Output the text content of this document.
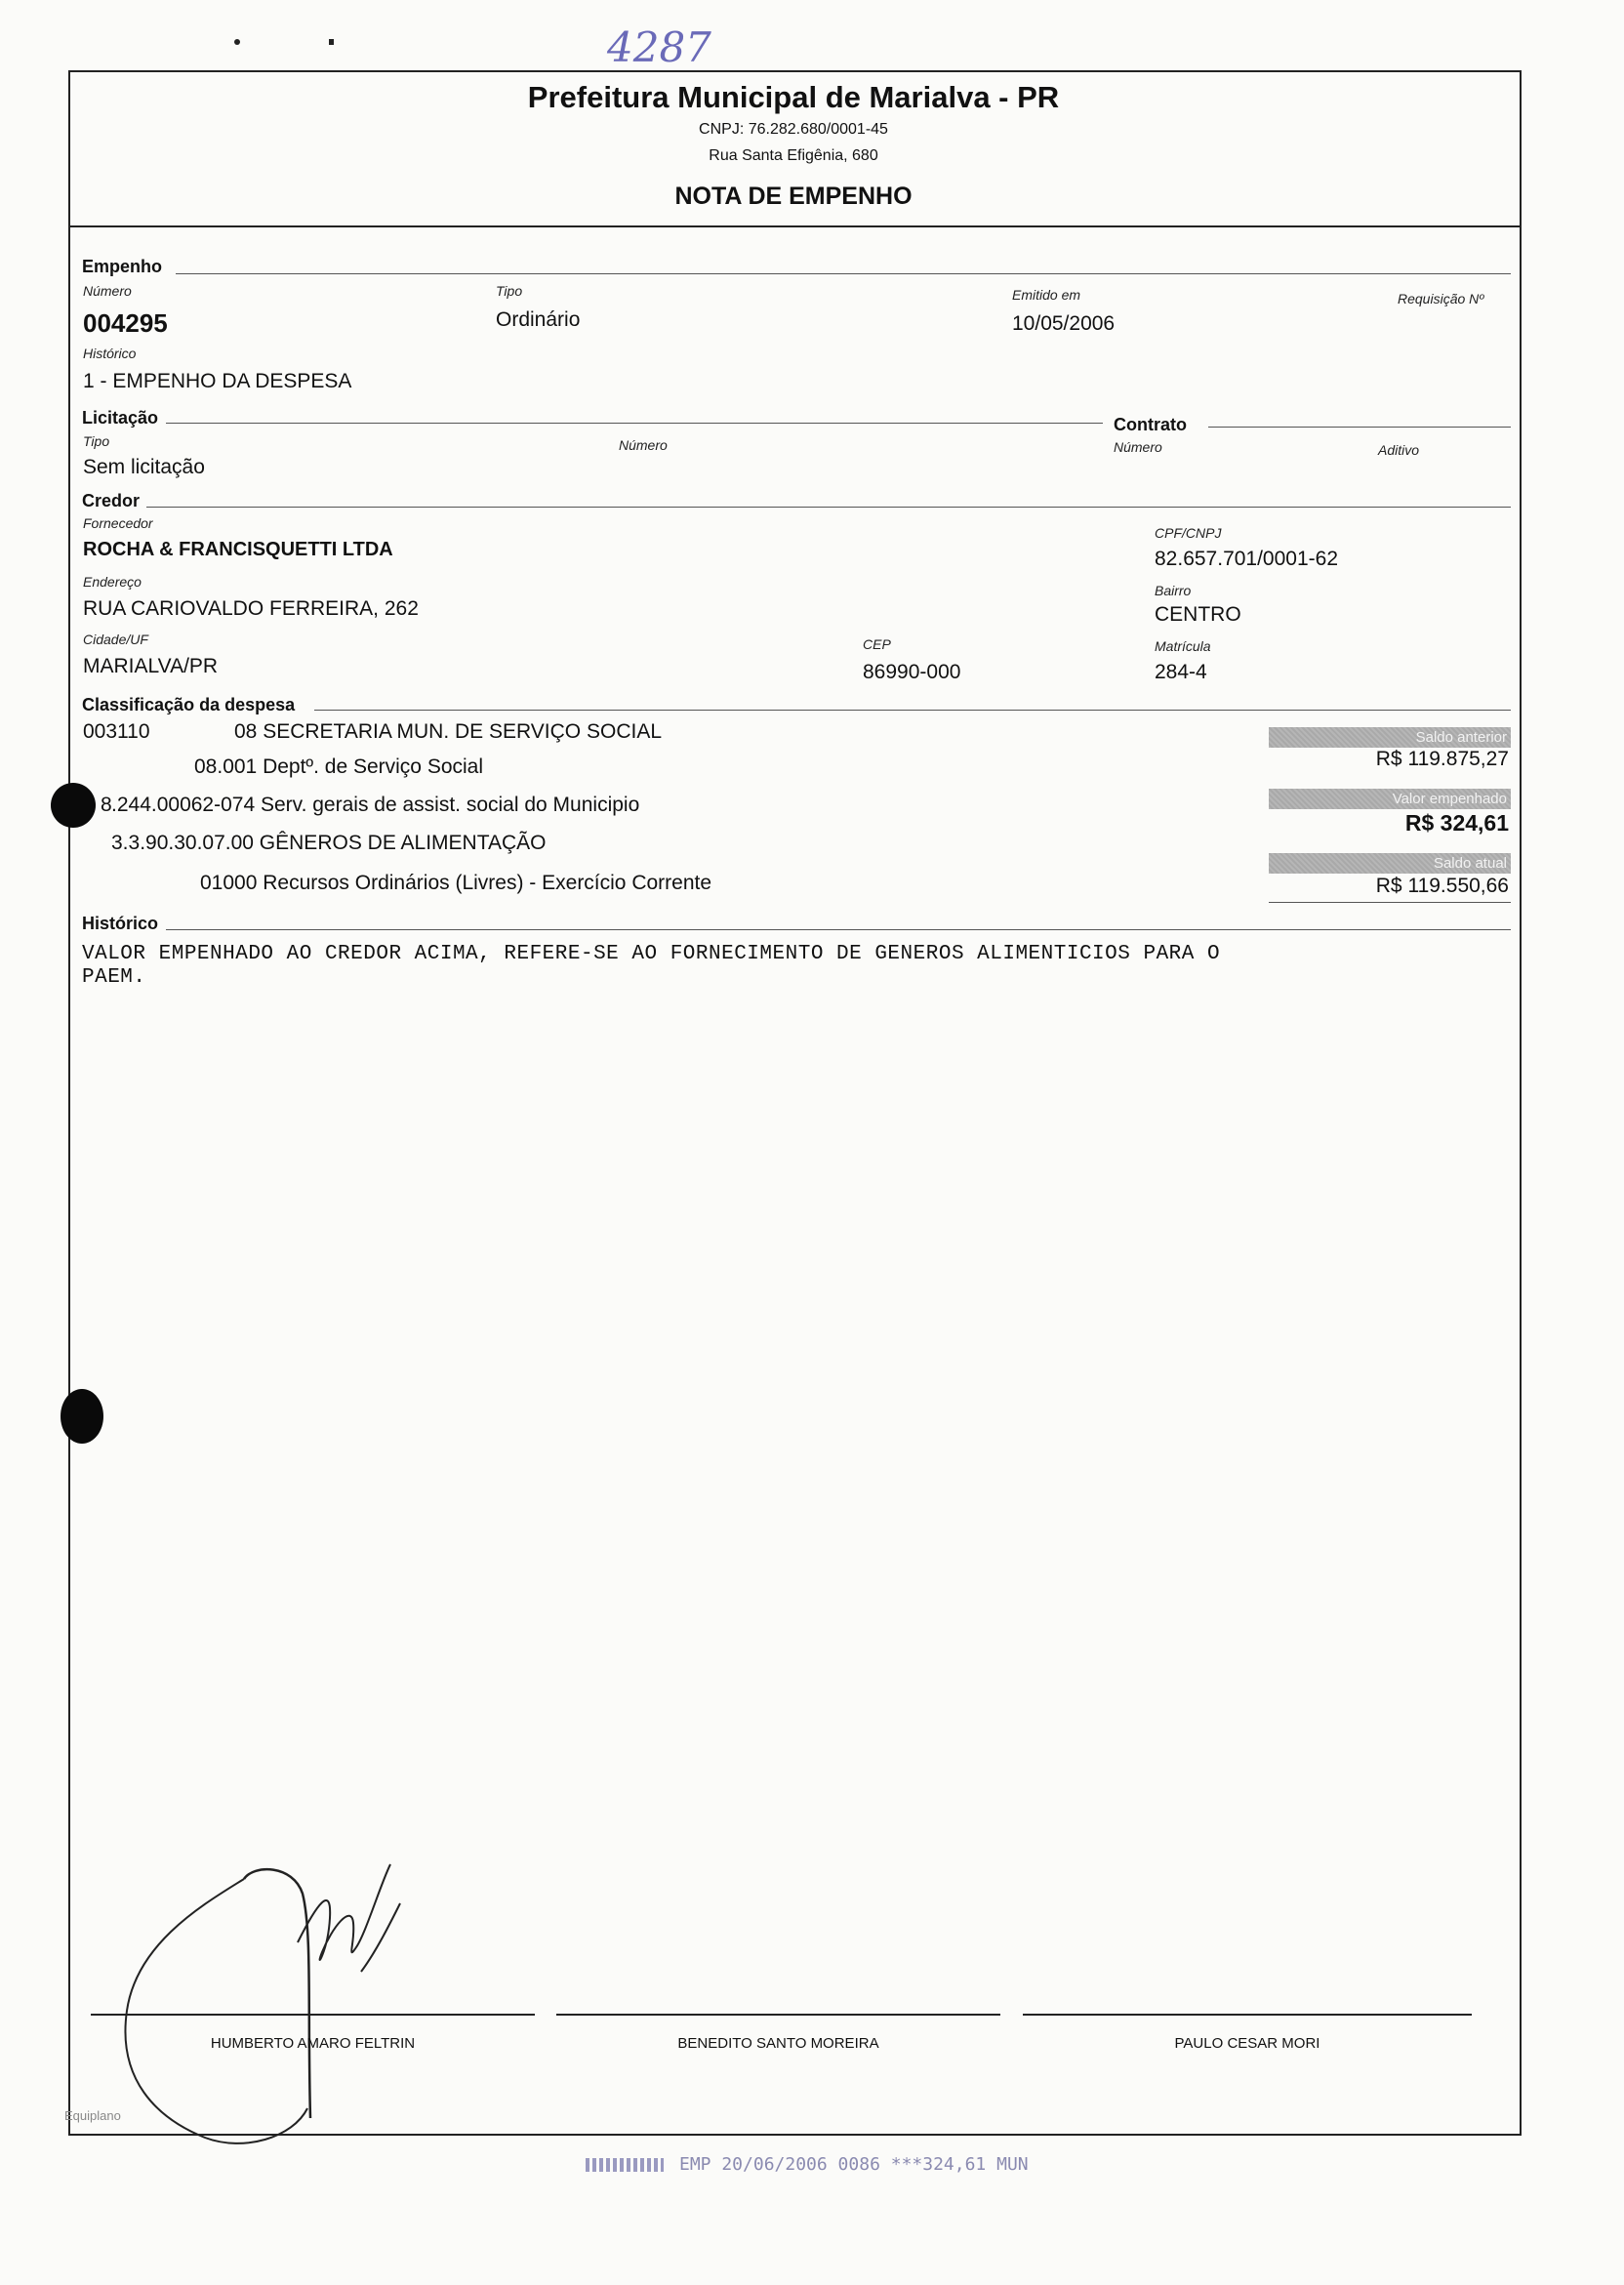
4287
Prefeitura Municipal de Marialva - PR
CNPJ: 76.282.680/0001-45
Rua Santa Efigênia, 680
NOTA DE EMPENHO
Empenho
Número
004295
Tipo
Ordinário
Emitido em
10/05/2006
Requisição Nº
Histórico
1 - EMPENHO DA DESPESA
Licitação	Contrato
Tipo
Sem licitação
Número	Número	Aditivo
Credor
Fornecedor
ROCHA & FRANCISQUETTI LTDA
CPF/CNPJ
82.657.701/0001-62
Endereço
RUA CARIOVALDO FERREIRA, 262
Bairro
CENTRO
Cidade/UF
MARIALVA/PR
CEP
86990-000
Matrícula
284-4
Classificação da despesa
003110	08 SECRETARIA MUN. DE SERVIÇO SOCIAL
08.001 Deptº. de Serviço Social
8 .244.00062-074 Serv. gerais de assist. social do Municipio
3.3.90.30.07.00 GÊNEROS DE ALIMENTAÇÃO
01000 Recursos Ordinários (Livres) - Exercício Corrente
Saldo anterior
R$ 119.875,27
Valor empenhado
R$ 324,61
Saldo atual
R$ 119.550,66
Histórico
VALOR EMPENHADO AO CREDOR ACIMA, REFERE-SE AO FORNECIMENTO DE GENEROS ALIMENTICIOS PARA O
PAEM.
HUMBERTO AMARO FELTRIN	BENEDITO SANTO MOREIRA	PAULO CESAR MORI
Equiplano
EMP 20/06/2006 0086 ***324,61 MUN
